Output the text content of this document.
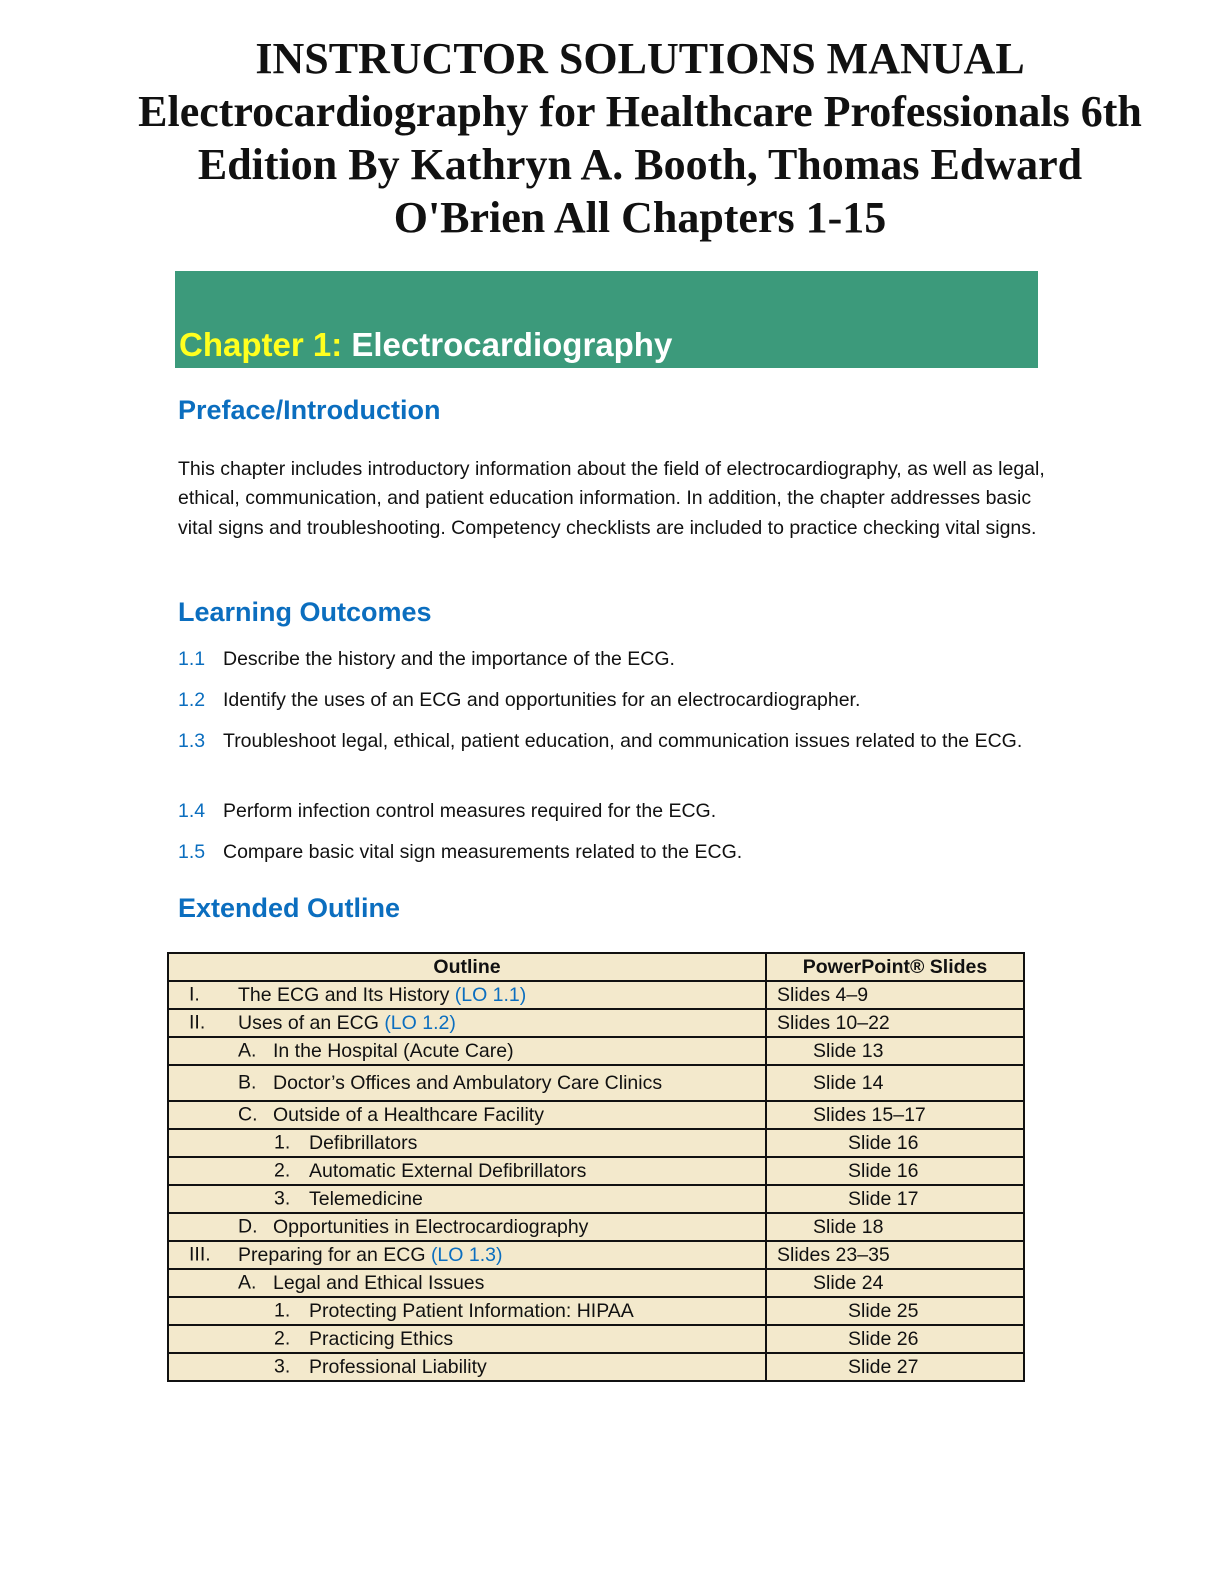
INSTRUCTOR SOLUTIONS MANUAL
Electrocardiography for Healthcare Professionals 6th
Edition By Kathryn A. Booth, Thomas Edward
O'Brien All Chapters 1-15
Chapter 1: Electrocardiography
Preface/Introduction
This chapter includes introductory information about the field of electrocardiography, as well as legal, ethical, communication, and patient education information. In addition, the chapter addresses basic vital signs and troubleshooting. Competency checklists are included to practice checking vital signs.
Learning Outcomes
1.1 Describe the history and the importance of the ECG.
1.2 Identify the uses of an ECG and opportunities for an electrocardiographer.
1.3 Troubleshoot legal, ethical, patient education, and communication issues related to the ECG.
1.4 Perform infection control measures required for the ECG.
1.5 Compare basic vital sign measurements related to the ECG.
Extended Outline
Outline	PowerPoint® Slides

I. The ECG and Its History (LO 1.1)	Slides 4–9

II. Uses of an ECG (LO 1.2)	Slides 10–22

A. In the Hospital (Acute Care)	Slide 13

B. Doctor’s Offices and Ambulatory Care Clinics	Slide 14

C. Outside of a Healthcare Facility	Slides 15–17

1. Defibrillators	Slide 16

2. Automatic External Defibrillators	Slide 16

3. Telemedicine	Slide 17

D. Opportunities in Electrocardiography	Slide 18

III. Preparing for an ECG (LO 1.3)	Slides 23–35

A. Legal and Ethical Issues	Slide 24

1. Protecting Patient Information: HIPAA	Slide 25

2. Practicing Ethics	Slide 26

3. Professional Liability	Slide 27
